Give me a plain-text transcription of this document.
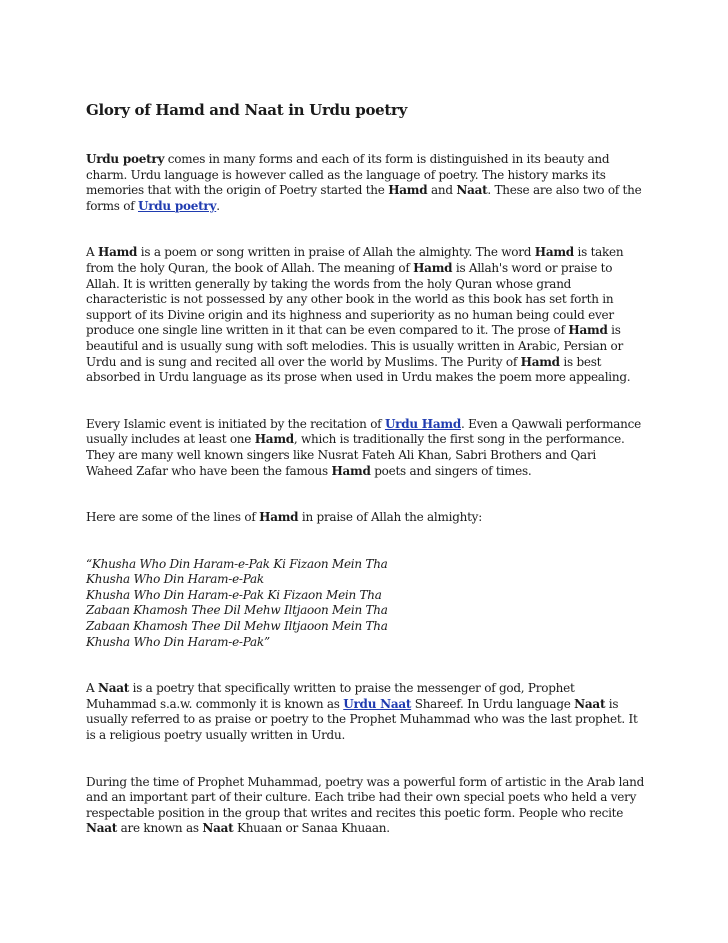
Glory of Hamd and Naat in Urdu poetry

Urdu poetry comes in many forms and each of its form is distinguished in its beauty and charm. Urdu language is however called as the language of poetry. The history marks its memories that with the origin of Poetry started the Hamd and Naat. These are also two of the forms of Urdu poetry.

A Hamd is a poem or song written in praise of Allah the almighty. The word Hamd is taken from the holy Quran, the book of Allah. The meaning of Hamd is Allah's word or praise to Allah. It is written generally by taking the words from the holy Quran whose grand characteristic is not possessed by any other book in the world as this book has set forth in support of its Divine origin and its highness and superiority as no human being could ever produce one single line written in it that can be even compared to it. The prose of Hamd is beautiful and is usually sung with soft melodies. This is usually written in Arabic, Persian or Urdu and is sung and recited all over the world by Muslims. The Purity of Hamd is best absorbed in Urdu language as its prose when used in Urdu makes the poem more appealing.

Every Islamic event is initiated by the recitation of Urdu Hamd. Even a Qawwali performance usually includes at least one Hamd, which is traditionally the first song in the performance. They are many well known singers like Nusrat Fateh Ali Khan, Sabri Brothers and Qari Waheed Zafar who have been the famous Hamd poets and singers of times.

Here are some of the lines of Hamd in praise of Allah the almighty:

“Khusha Who Din Haram-e-Pak Ki Fizaon Mein Tha
Khusha Who Din Haram-e-Pak
Khusha Who Din Haram-e-Pak Ki Fizaon Mein Tha
Zabaan Khamosh Thee Dil Mehw Iltjaoon Mein Tha
Zabaan Khamosh Thee Dil Mehw Iltjaoon Mein Tha
Khusha Who Din Haram-e-Pak”

A Naat is a poetry that specifically written to praise the messenger of god, Prophet Muhammad s.a.w. commonly it is known as Urdu Naat Shareef. In Urdu language Naat is usually referred to as praise or poetry to the Prophet Muhammad who was the last prophet. It is a religious poetry usually written in Urdu.

During the time of Prophet Muhammad, poetry was a powerful form of artistic in the Arab land and an important part of their culture. Each tribe had their own special poets who held a very respectable position in the group that writes and recites this poetic form. People who recite Naat are known as Naat Khuaan or Sanaa Khuaan.
